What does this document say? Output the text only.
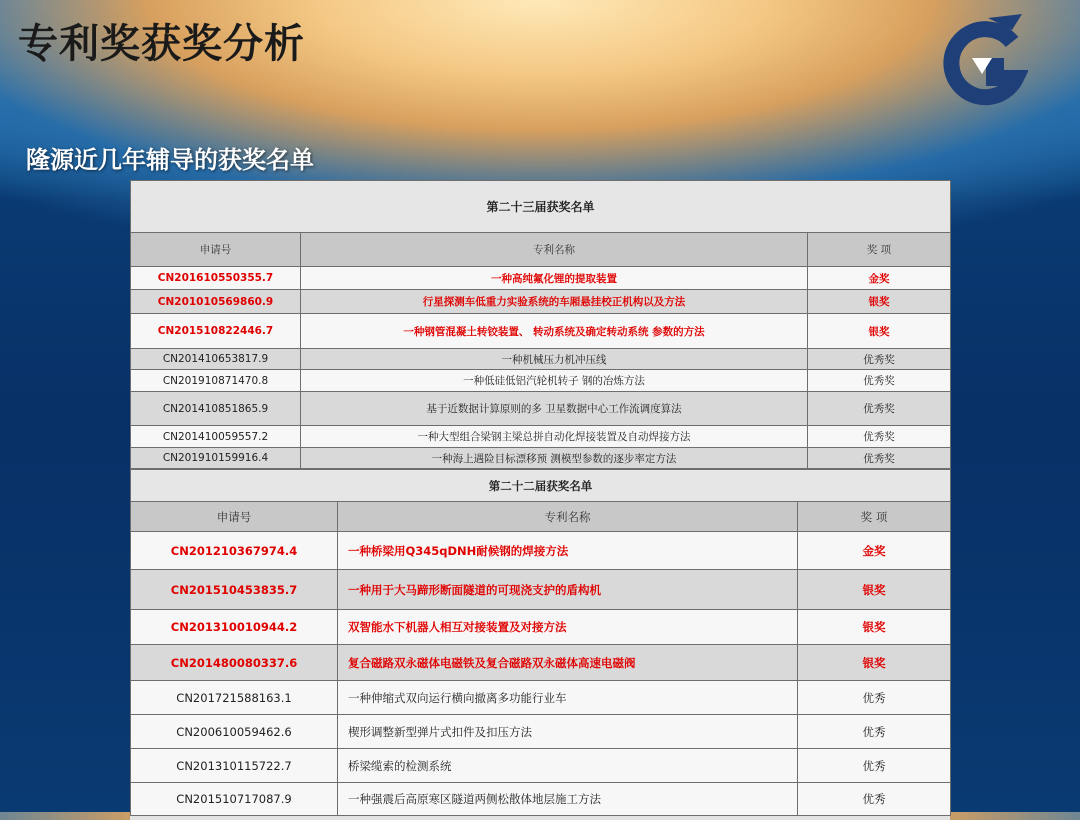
专利奖获奖分析
隆源近几年辅导的获奖名单
第二十三届获奖名单		
申请号	专利名称	奖 项
CN201610550355.7	一种高纯氟化锂的提取装置	金奖
CN201010569860.9	行星探测车低重力实验系统的车厢悬挂校正机构以及方法	银奖
CN201510822446.7	一种钢管混凝土转铰装置、 转动系统及确定转动系统 参数的方法	银奖
CN201410653817.9	一种机械压力机冲压线	优秀奖
CN201910871470.8	一种低硅低铝汽轮机转子 钢的冶炼方法	优秀奖
CN201410851865.9	基于近数据计算原则的多 卫星数据中心工作流调度算法	优秀奖
CN201410059557.2	一种大型组合梁钢主梁总拼自动化焊接装置及自动焊接方法	优秀奖
CN201910159916.4	一种海上遇险目标漂移预 测模型参数的逐步率定方法	优秀奖
第二十二届获奖名单		
申请号	专利名称	奖 项
CN201210367974.4	一种桥梁用Q345qDNH耐候钢的焊接方法	金奖
CN201510453835.7	一种用于大马蹄形断面隧道的可现浇支护的盾构机	银奖
CN201310010944.2	双智能水下机器人相互对接装置及对接方法	银奖
CN201480080337.6	复合磁路双永磁体电磁铁及复合磁路双永磁体高速电磁阀	银奖
CN201721588163.1	一种伸缩式双向运行横向撤离多功能行业车	优秀
CN200610059462.6	楔形调整新型弹片式扣件及扣压方法	优秀
CN201310115722.7	桥梁缆索的检测系统	优秀
CN201510717087.9	一种强震后高原寒区隧道两侧松散体地层施工方法	优秀
